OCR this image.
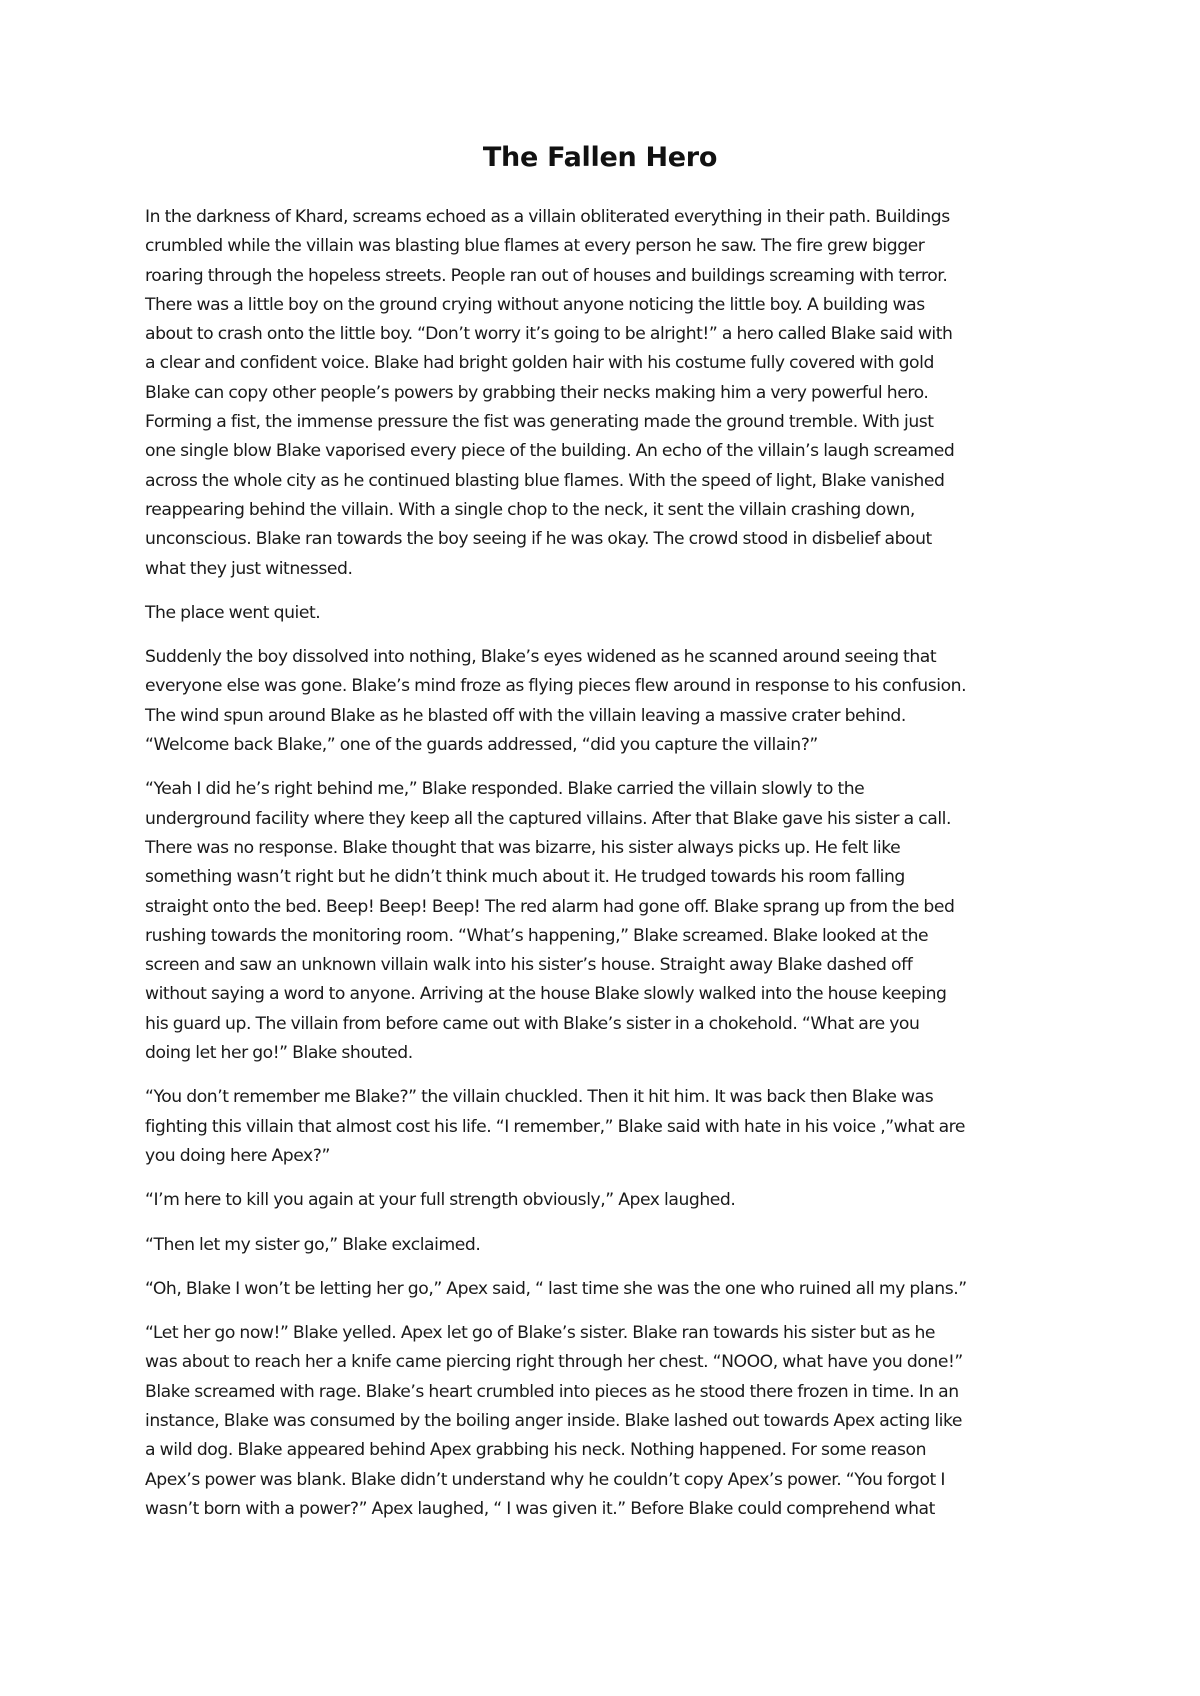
The Fallen Hero

In the darkness of Khard, screams echoed as a villain obliterated everything in their path. Buildings
crumbled while the villain was blasting blue flames at every person he saw. The fire grew bigger
roaring through the hopeless streets. People ran out of houses and buildings screaming with terror.
There was a little boy on the ground crying without anyone noticing the little boy. A building was
about to crash onto the little boy. “Don’t worry it’s going to be alright!” a hero called Blake said with
a clear and confident voice. Blake had bright golden hair with his costume fully covered with gold
Blake can copy other people’s powers by grabbing their necks making him a very powerful hero.
Forming a fist, the immense pressure the fist was generating made the ground tremble. With just
one single blow Blake vaporised every piece of the building. An echo of the villain’s laugh screamed
across the whole city as he continued blasting blue flames. With the speed of light, Blake vanished
reappearing behind the villain. With a single chop to the neck, it sent the villain crashing down,
unconscious. Blake ran towards the boy seeing if he was okay. The crowd stood in disbelief about
what they just witnessed.

The place went quiet.

Suddenly the boy dissolved into nothing, Blake’s eyes widened as he scanned around seeing that
everyone else was gone. Blake’s mind froze as flying pieces flew around in response to his confusion.
The wind spun around Blake as he blasted off with the villain leaving a massive crater behind.
“Welcome back Blake,” one of the guards addressed, “did you capture the villain?”

“Yeah I did he’s right behind me,” Blake responded. Blake carried the villain slowly to the
underground facility where they keep all the captured villains. After that Blake gave his sister a call.
There was no response. Blake thought that was bizarre, his sister always picks up. He felt like
something wasn’t right but he didn’t think much about it. He trudged towards his room falling
straight onto the bed. Beep! Beep! Beep! The red alarm had gone off. Blake sprang up from the bed
rushing towards the monitoring room. “What’s happening,” Blake screamed. Blake looked at the
screen and saw an unknown villain walk into his sister’s house. Straight away Blake dashed off
without saying a word to anyone. Arriving at the house Blake slowly walked into the house keeping
his guard up. The villain from before came out with Blake’s sister in a chokehold. “What are you
doing let her go!” Blake shouted.

“You don’t remember me Blake?” the villain chuckled. Then it hit him. It was back then Blake was
fighting this villain that almost cost his life. “I remember,” Blake said with hate in his voice ,”what are
you doing here Apex?”

“I’m here to kill you again at your full strength obviously,” Apex laughed.

“Then let my sister go,” Blake exclaimed.

“Oh, Blake I won’t be letting her go,” Apex said, “ last time she was the one who ruined all my plans.”

“Let her go now!” Blake yelled. Apex let go of Blake’s sister. Blake ran towards his sister but as he
was about to reach her a knife came piercing right through her chest. “NOOO, what have you done!”
Blake screamed with rage. Blake’s heart crumbled into pieces as he stood there frozen in time. In an
instance, Blake was consumed by the boiling anger inside. Blake lashed out towards Apex acting like
a wild dog. Blake appeared behind Apex grabbing his neck. Nothing happened. For some reason
Apex’s power was blank. Blake didn’t understand why he couldn’t copy Apex’s power. “You forgot I
wasn’t born with a power?” Apex laughed, “ I was given it.” Before Blake could comprehend what
